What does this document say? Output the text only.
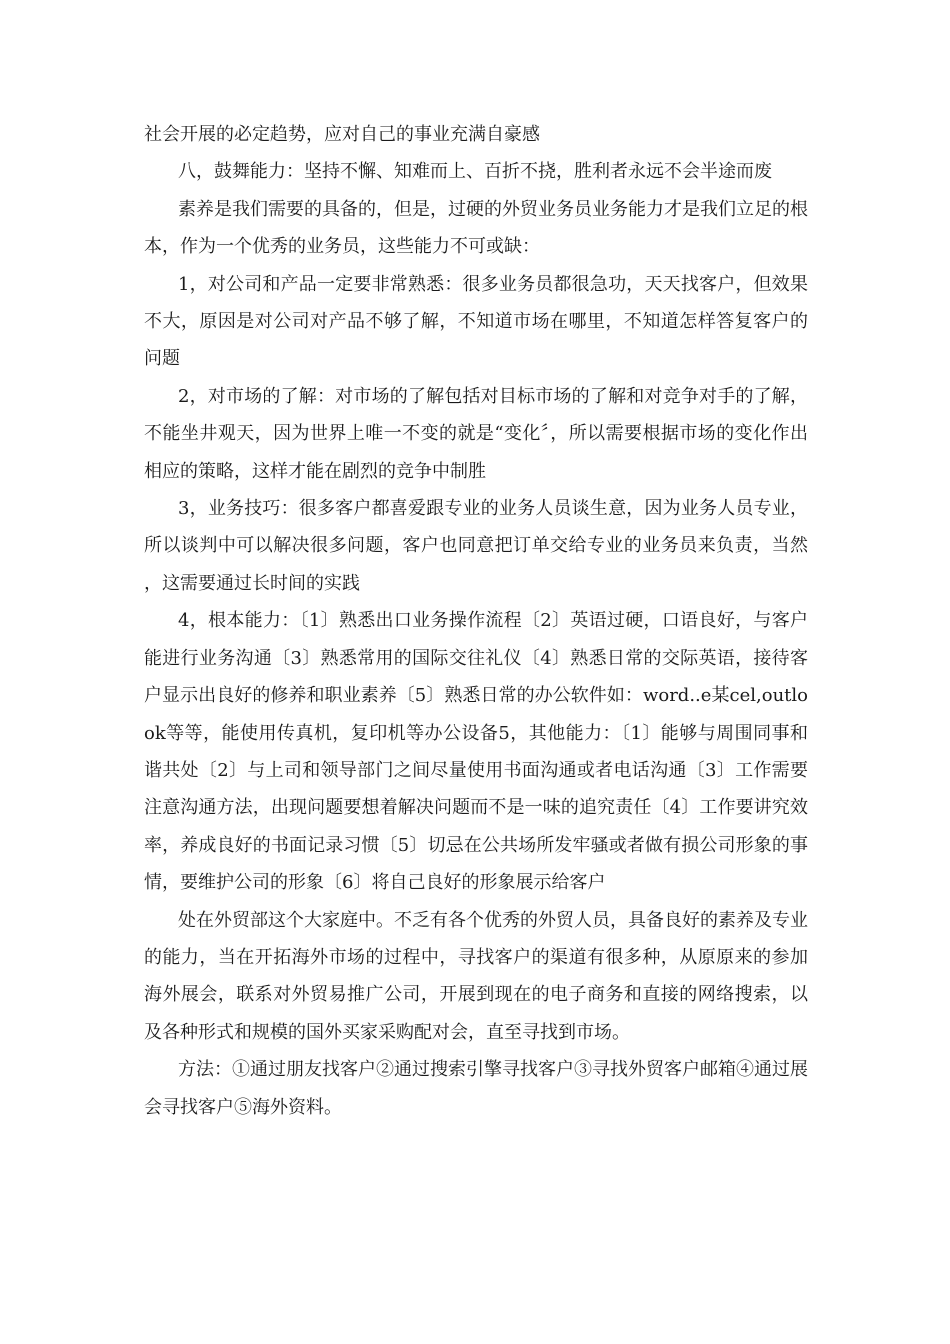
社会开展的必定趋势，应对自己的事业充满自豪感

八，鼓舞能力：坚持不懈、知难而上、百折不挠，胜利者永远不会半途而废

素养是我们需要的具备的，但是，过硬的外贸业务员业务能力才是我们立足的根本，作为一个优秀的业务员，这些能力不可或缺：

1，对公司和产品一定要非常熟悉：很多业务员都很急功，天天找客户，但效果不大，原因是对公司对产品不够了解，不知道市场在哪里，不知道怎样答复客户的问题

2，对市场的了解：对市场的了解包括对目标市场的了解和对竞争对手的了解，不能坐井观天，因为世界上唯一不变的就是“变化〞，所以需要根据市场的变化作出相应的策略，这样才能在剧烈的竞争中制胜

3，业务技巧：很多客户都喜爱跟专业的业务人员谈生意，因为业务人员专业，所以谈判中可以解决很多问题，客户也同意把订单交给专业的业务员来负责，当然，这需要通过长时间的实践

4，根本能力：〔1〕熟悉出口业务操作流程〔2〕英语过硬，口语良好，与客户能进行业务沟通〔3〕熟悉常用的国际交往礼仪〔4〕熟悉日常的交际英语，接待客户显示出良好的修养和职业素养〔5〕熟悉日常的办公软件如：word..e某cel,outlook等等，能使用传真机，复印机等办公设备5，其他能力：〔1〕能够与周围同事和谐共处〔2〕与上司和领导部门之间尽量使用书面沟通或者电话沟通〔3〕工作需要注意沟通方法，出现问题要想着解决问题而不是一味的追究责任〔4〕工作要讲究效率，养成良好的书面记录习惯〔5〕切忌在公共场所发牢骚或者做有损公司形象的事情，要维护公司的形象〔6〕将自己良好的形象展示给客户

处在外贸部这个大家庭中。不乏有各个优秀的外贸人员，具备良好的素养及专业的能力，当在开拓海外市场的过程中，寻找客户的渠道有很多种，从原原来的参加海外展会，联系对外贸易推广公司，开展到现在的电子商务和直接的网络搜索，以及各种形式和规模的国外买家采购配对会，直至寻找到市场。

方法：①通过朋友找客户②通过搜索引擎寻找客户③寻找外贸客户邮箱④通过展会寻找客户⑤海外资料。
